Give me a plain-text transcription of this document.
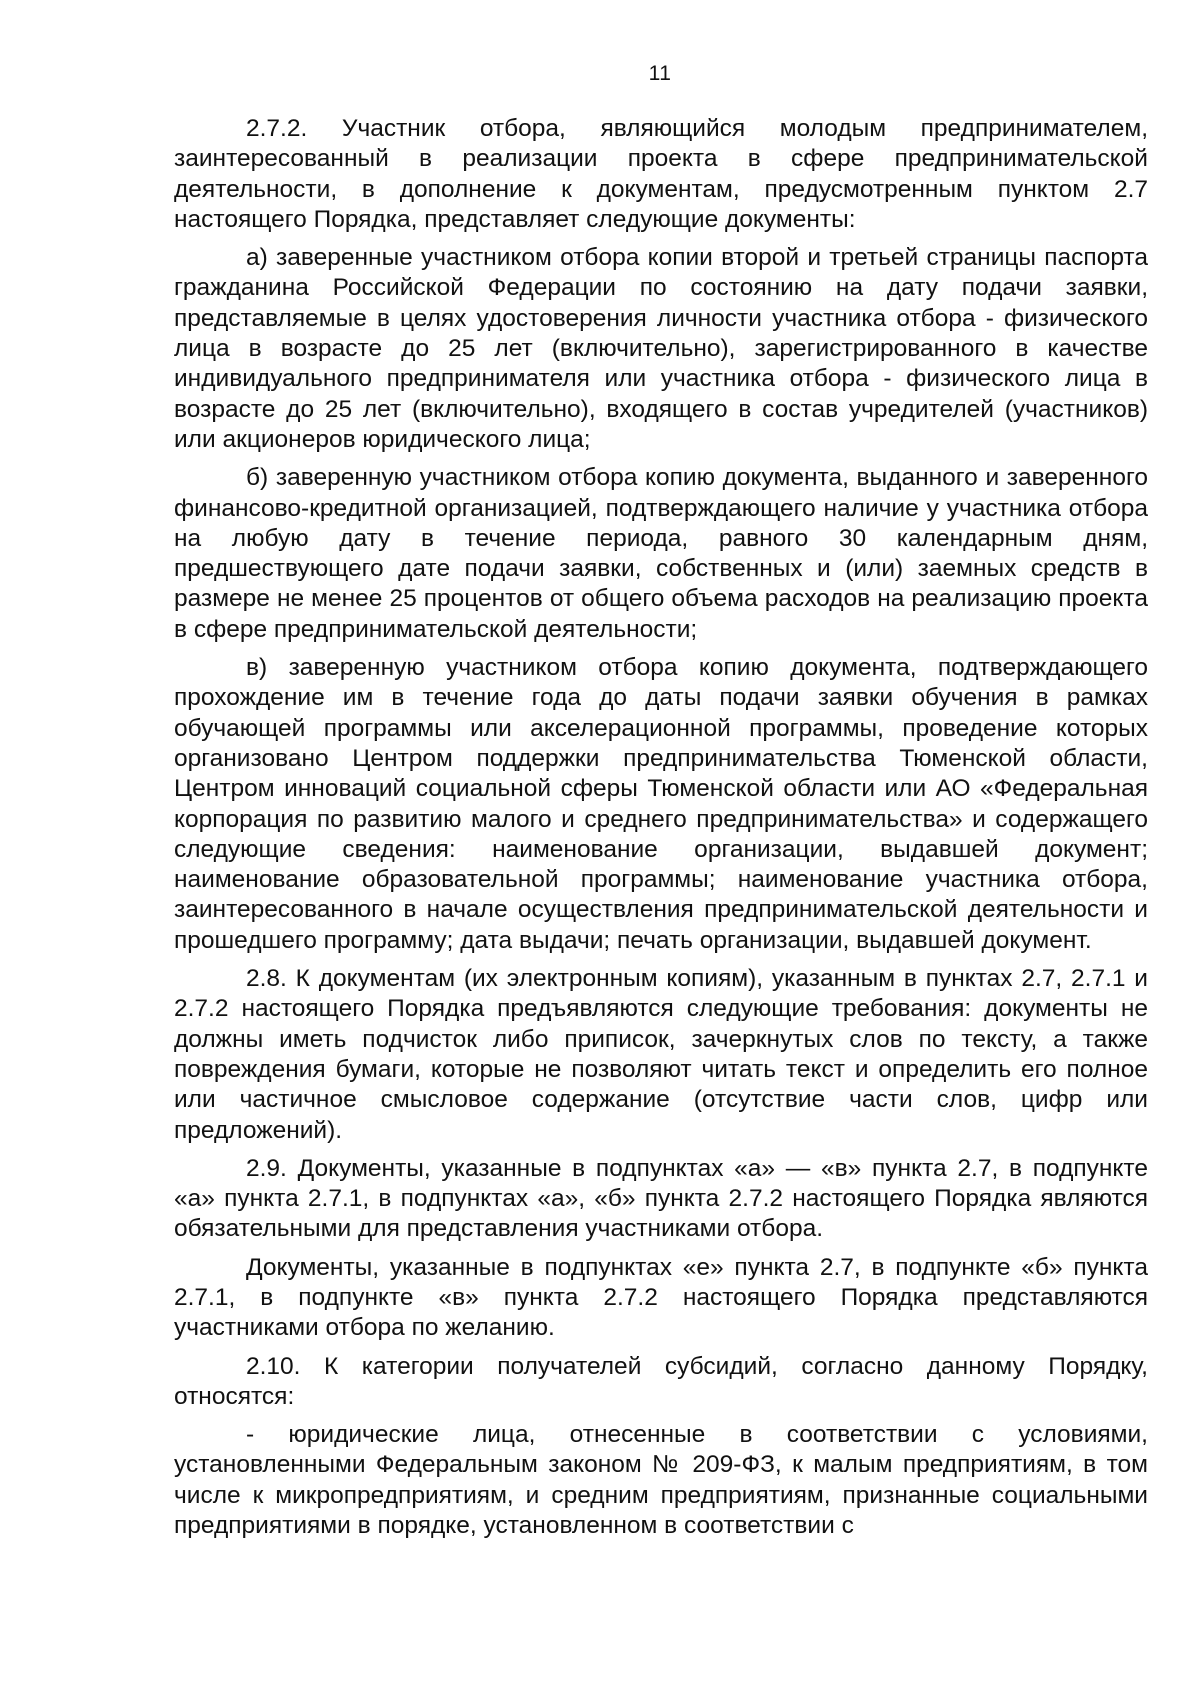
11

2.7.2. Участник отбора, являющийся молодым предпринимателем, заинтересованный в реализации проекта в сфере предпринимательской деятельности, в дополнение к документам, предусмотренным пунктом 2.7 настоящего Порядка, представляет следующие документы:

а) заверенные участником отбора копии второй и третьей страницы паспорта гражданина Российской Федерации по состоянию на дату подачи заявки, представляемые в целях удостоверения личности участника отбора - физического лица в возрасте до 25 лет (включительно), зарегистрированного в качестве индивидуального предпринимателя или участника отбора - физического лица в возрасте до 25 лет (включительно), входящего в состав учредителей (участников) или акционеров юридического лица;

б) заверенную участником отбора копию документа, выданного и заверенного финансово-кредитной организацией, подтверждающего наличие у участника отбора на любую дату в течение периода, равного 30 календарным дням, предшествующего дате подачи заявки, собственных и (или) заемных средств в размере не менее 25 процентов от общего объема расходов на реализацию проекта в сфере предпринимательской деятельности;

в) заверенную участником отбора копию документа, подтверждающего прохождение им в течение года до даты подачи заявки обучения в рамках обучающей программы или акселерационной программы, проведение которых организовано Центром поддержки предпринимательства Тюменской области, Центром инноваций социальной сферы Тюменской области или АО «Федеральная корпорация по развитию малого и среднего предпринимательства» и содержащего следующие сведения: наименование организации, выдавшей документ; наименование образовательной программы; наименование участника отбора, заинтересованного в начале осуществления предпринимательской деятельности и прошедшего программу; дата выдачи; печать организации, выдавшей документ.

2.8. К документам (их электронным копиям), указанным в пунктах 2.7, 2.7.1 и 2.7.2 настоящего Порядка предъявляются следующие требования: документы не должны иметь подчисток либо приписок, зачеркнутых слов по тексту, а также повреждения бумаги, которые не позволяют читать текст и определить его полное или частичное смысловое содержание (отсутствие части слов, цифр или предложений).

2.9. Документы, указанные в подпунктах «а» — «в» пункта 2.7, в подпункте «а» пункта 2.7.1, в подпунктах «а», «б» пункта 2.7.2 настоящего Порядка являются обязательными для представления участниками отбора.

Документы, указанные в подпунктах «е» пункта 2.7, в подпункте «б» пункта 2.7.1, в подпункте «в» пункта 2.7.2 настоящего Порядка представляются участниками отбора по желанию.

2.10. К категории получателей субсидий, согласно данному Порядку, относятся:

- юридические лица, отнесенные в соответствии с условиями, установленными Федеральным законом № 209-ФЗ, к малым предприятиям, в том числе к микропредприятиям, и средним предприятиям, признанные социальными предприятиями в порядке, установленном в соответствии с
